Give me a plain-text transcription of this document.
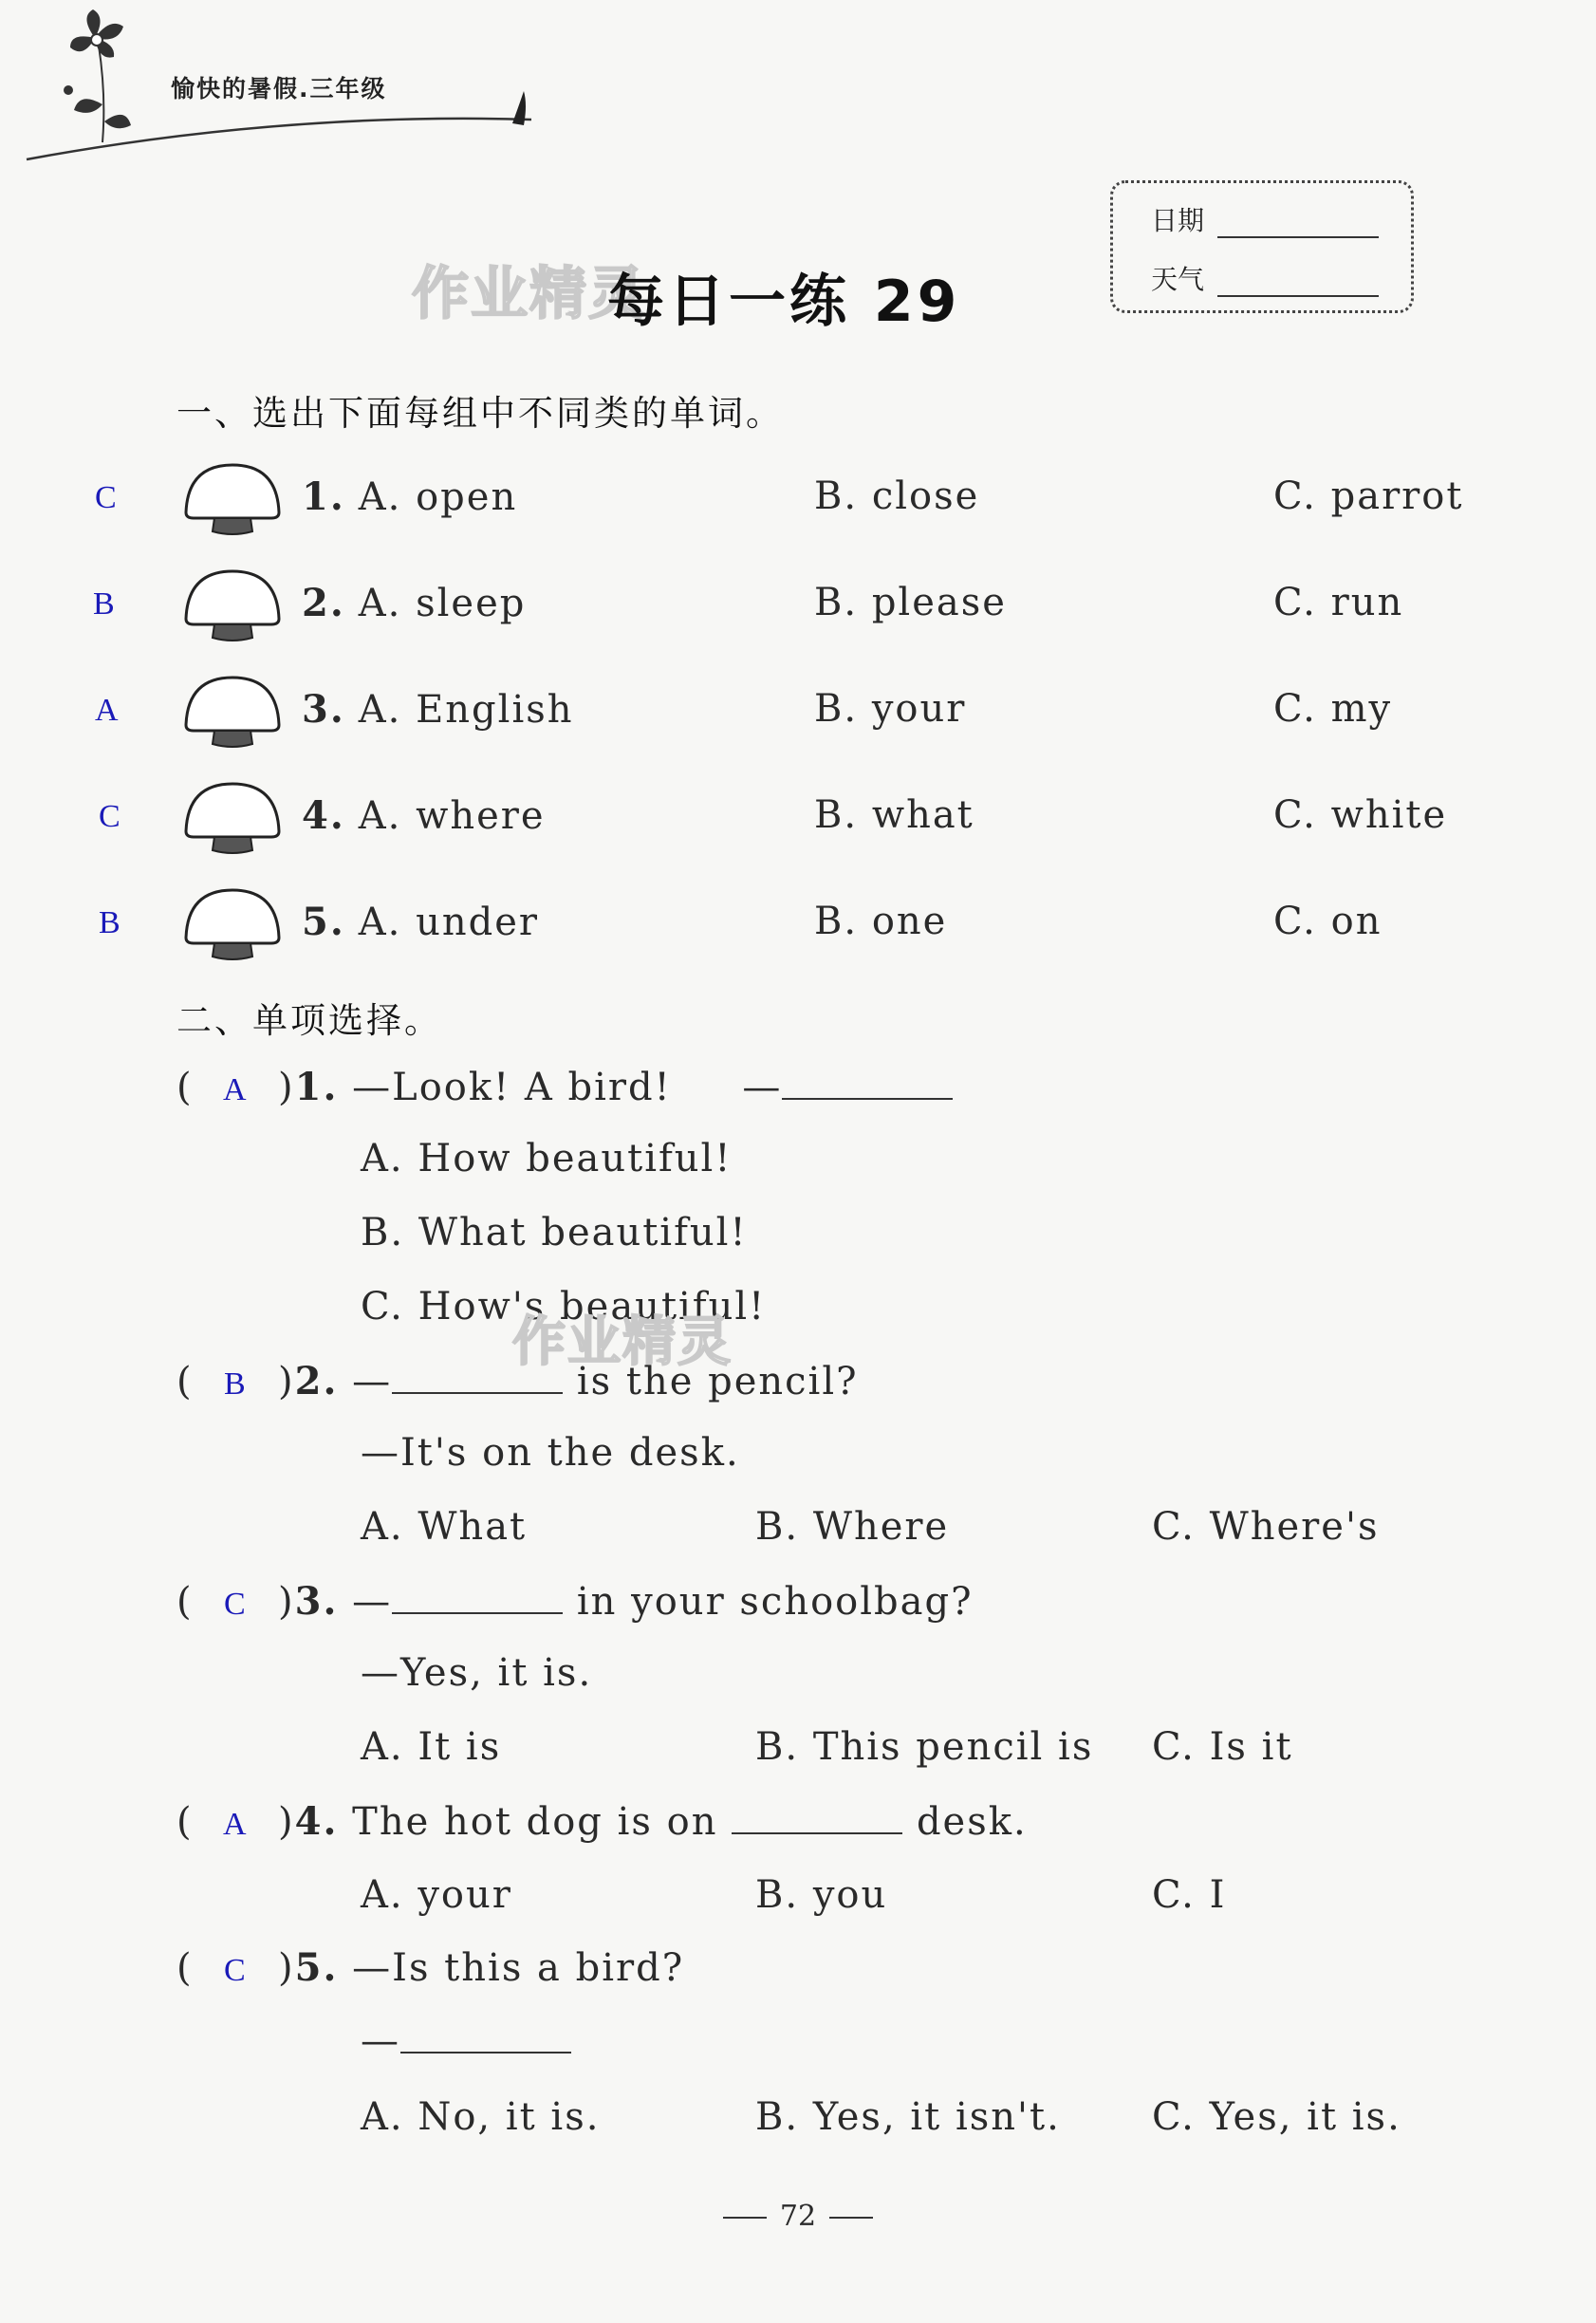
愉快的暑假.三年级
日期
天气
作业精灵
每日一练 29
一、选出下面每组中不同类的单词。
C	1. A. open	B. close	C. parrot
B	2. A. sleep	B. please	C. run
A	3. A. English	B. your	C. my
C	4. A. where	B. what	C. white
B	5. A. under	B. one	C. on
二、单项选择。
( A )1. —Look! A bird! —
A. How beautiful!
B. What beautiful!
C. How's beautiful!
作业精灵
( B )2. —	is the pencil?
—It's on the desk.
A. What	B. Where	C. Where's
( C )3. —	in your schoolbag?
—Yes, it is.
A. It is	B. This pencil is C. Is it
( A )4. The hot dog is on	desk.
A. your	B. you	C. I
( C )5. —Is this a bird?
—
A. No, it is.	B. Yes, it isn't. C. Yes, it is.
72
